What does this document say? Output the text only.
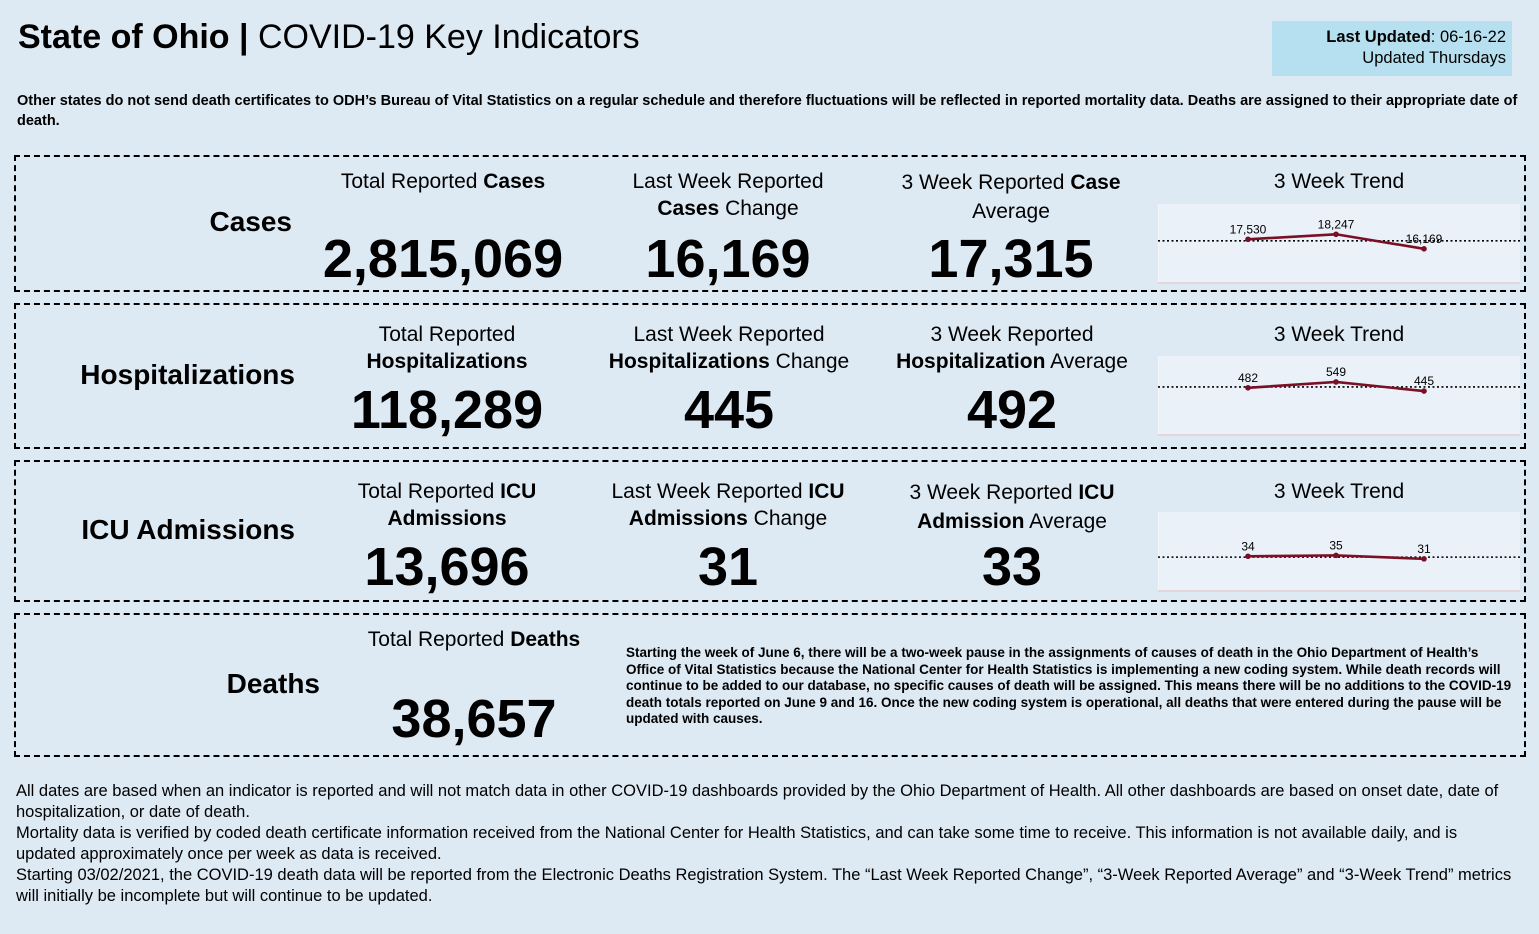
State of Ohio | COVID-19 Key Indicators	Last Updated: 06-16-22
Updated Thursdays
Other states do not send death certificates to ODH’s Bureau of Vital Statistics on a regular schedule and therefore fluctuations will be reflected in reported mortality data. Deaths are assigned to their appropriate date of death.
Cases
Total Reported Cases
2,815,069
Last Week Reported
Cases Change
16,169
3 Week Reported Case
Average
17,315
3 Week Trend
17,530	18,247
16,169
Hospitalizations
Total Reported
Hospitalizations
118,289
Last Week Reported
Hospitalizations Change
445
3 Week Reported
Hospitalization Average
492
3 Week Trend
482	549
445
ICU Admissions
Total Reported ICU
Admissions
13,696
Last Week Reported ICU
Admissions Change
31
3 Week Reported ICU
Admission Average
33
3 Week Trend
34	35	31
Deaths
Total Reported Deaths
38,657
Starting the week of June 6, there will be a two-week pause in the assignments of causes of death in the Ohio Department of Health’s Office of Vital Statistics because the National Center for Health Statistics is implementing a new coding system. While death records will continue to be added to our database, no specific causes of death will be assigned. This means there will be no additions to the COVID-19 death totals reported on June 9 and 16. Once the new coding system is operational, all deaths that were entered during the pause will be updated with causes.

All dates are based when an indicator is reported and will not match data in other COVID-19 dashboards provided by the Ohio Department of Health. All other dashboards are based on onset date, date of hospitalization, or date of death.

Mortality data is verified by coded death certificate information received from the National Center for Health Statistics, and can take some time to receive. This information is not available daily, and is updated approximately once per week as data is received.

Starting 03/02/2021, the COVID-19 death data will be reported from the Electronic Deaths Registration System. The “Last Week Reported Change”, “3-Week Reported Average” and “3-Week Trend” metrics will initially be incomplete but will continue to be updated.
